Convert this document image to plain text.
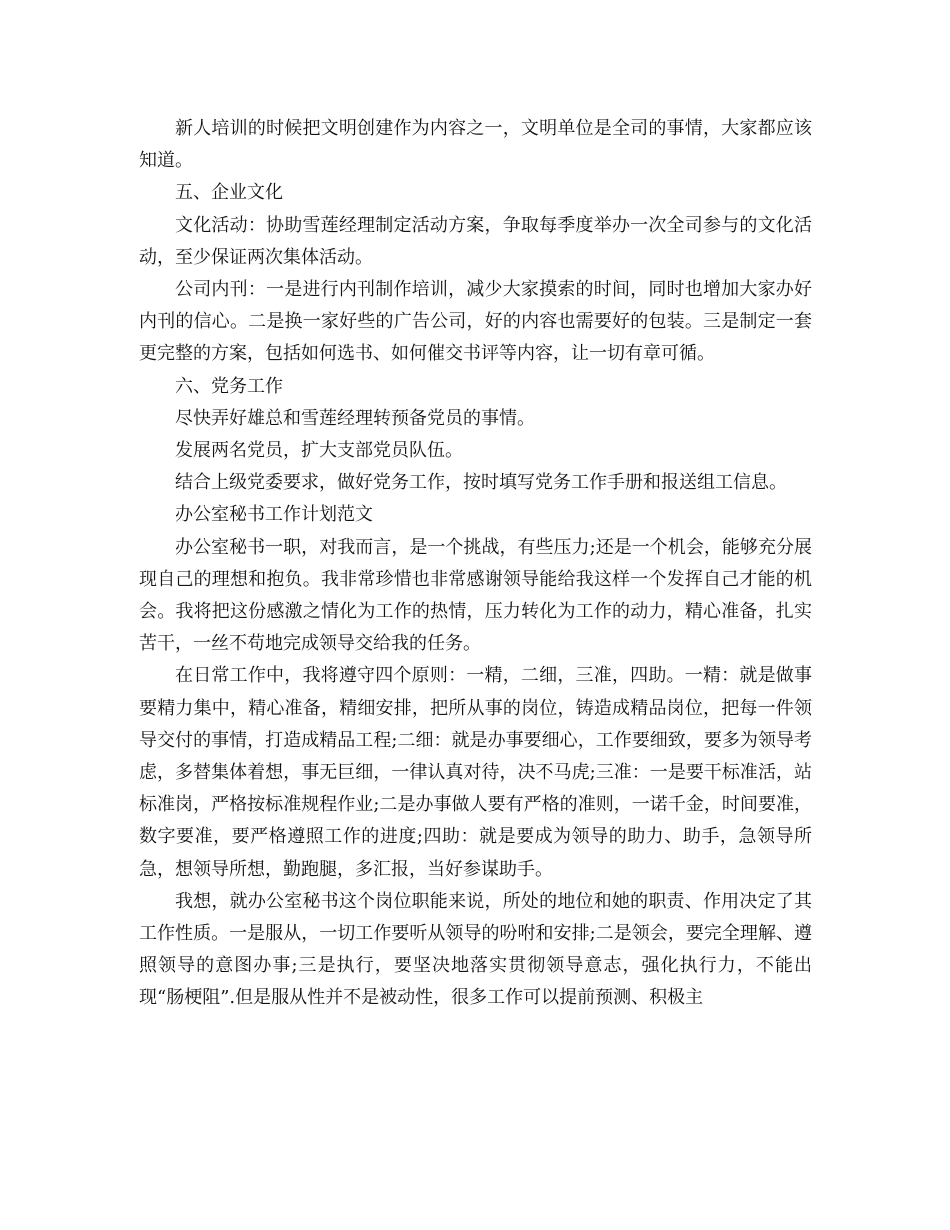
新人培训的时候把文明创建作为内容之一，文明单位是全司的事情，大家都应该知道。

五、企业文化

文化活动：协助雪莲经理制定活动方案，争取每季度举办一次全司参与的文化活动，至少保证两次集体活动。

公司内刊：一是进行内刊制作培训，减少大家摸索的时间，同时也增加大家办好内刊的信心。二是换一家好些的广告公司，好的内容也需要好的包装。三是制定一套更完整的方案，包括如何选书、如何催交书评等内容，让一切有章可循。

六、党务工作

尽快弄好雄总和雪莲经理转预备党员的事情。

发展两名党员，扩大支部党员队伍。

结合上级党委要求，做好党务工作，按时填写党务工作手册和报送组工信息。

办公室秘书工作计划范文

办公室秘书一职，对我而言，是一个挑战，有些压力;还是一个机会，能够充分展现自己的理想和抱负。我非常珍惜也非常感谢领导能给我这样一个发挥自己才能的机会。我将把这份感激之情化为工作的热情，压力转化为工作的动力，精心准备，扎实苦干，一丝不苟地完成领导交给我的任务。

在日常工作中，我将遵守四个原则：一精，二细，三准，四助。一精：就是做事要精力集中，精心准备，精细安排，把所从事的岗位，铸造成精品岗位，把每一件领导交付的事情，打造成精品工程;二细：就是办事要细心，工作要细致，要多为领导考虑，多替集体着想，事无巨细，一律认真对待，决不马虎;三准：一是要干标准活，站标准岗，严格按标准规程作业;二是办事做人要有严格的准则，一诺千金，时间要准，数字要准，要严格遵照工作的进度;四助：就是要成为领导的助力、助手，急领导所急，想领导所想，勤跑腿，多汇报，当好参谋助手。

我想，就办公室秘书这个岗位职能来说，所处的地位和她的职责、作用决定了其工作性质。一是服从，一切工作要听从领导的吩咐和安排;二是领会，要完全理解、遵照领导的意图办事;三是执行，要坚决地落实贯彻领导意志，强化执行力，不能出现“肠梗阻”.但是服从性并不是被动性，很多工作可以提前预测、积极主
